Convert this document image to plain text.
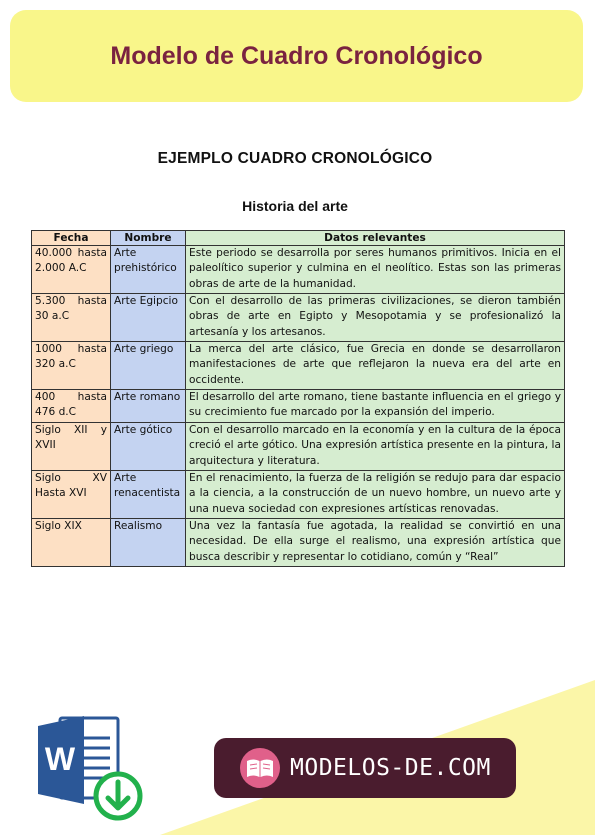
Modelo de Cuadro Cronológico
EJEMPLO CUADRO CRONOLÓGICO
Historia del arte
Fecha	Nombre	Datos relevantes
40.000 hasta 2.000 A.C	Arte prehistórico	Este periodo se desarrolla por seres humanos primitivos. Inicia en el paleolítico superior y culmina en el neolítico. Estas son las primeras obras de arte de la humanidad.
5.300 hasta 30 a.C	Arte Egipcio	Con el desarrollo de las primeras civilizaciones, se dieron también obras de arte en Egipto y Mesopotamia y se profesionalizó la artesanía y los artesanos.
1000 hasta 320 a.C	Arte griego	La merca del arte clásico, fue Grecia en donde se desarrollaron manifestaciones de arte que reflejaron la nueva era del arte en occidente.
400 hasta 476 d.C	Arte romano	El desarrollo del arte romano, tiene bastante influencia en el griego y su crecimiento fue marcado por la expansión del imperio.
Siglo XII y XVII	Arte gótico	Con el desarrollo marcado en la economía y en la cultura de la época creció el arte gótico. Una expresión artística presente en la pintura, la arquitectura y literatura.
Siglo XV Hasta XVI	Arte renacentista	En el renacimiento, la fuerza de la religión se redujo para dar espacio a la ciencia, a la construcción de un nuevo hombre, un nuevo arte y una nueva sociedad con expresiones artísticas renovadas.
Siglo XIX	Realismo	Una vez la fantasía fue agotada, la realidad se convirtió en una necesidad. De ella surge el realismo, una expresión artística que busca describir y representar lo cotidiano, común y “Real”
W	MODELOS-DE.COM
